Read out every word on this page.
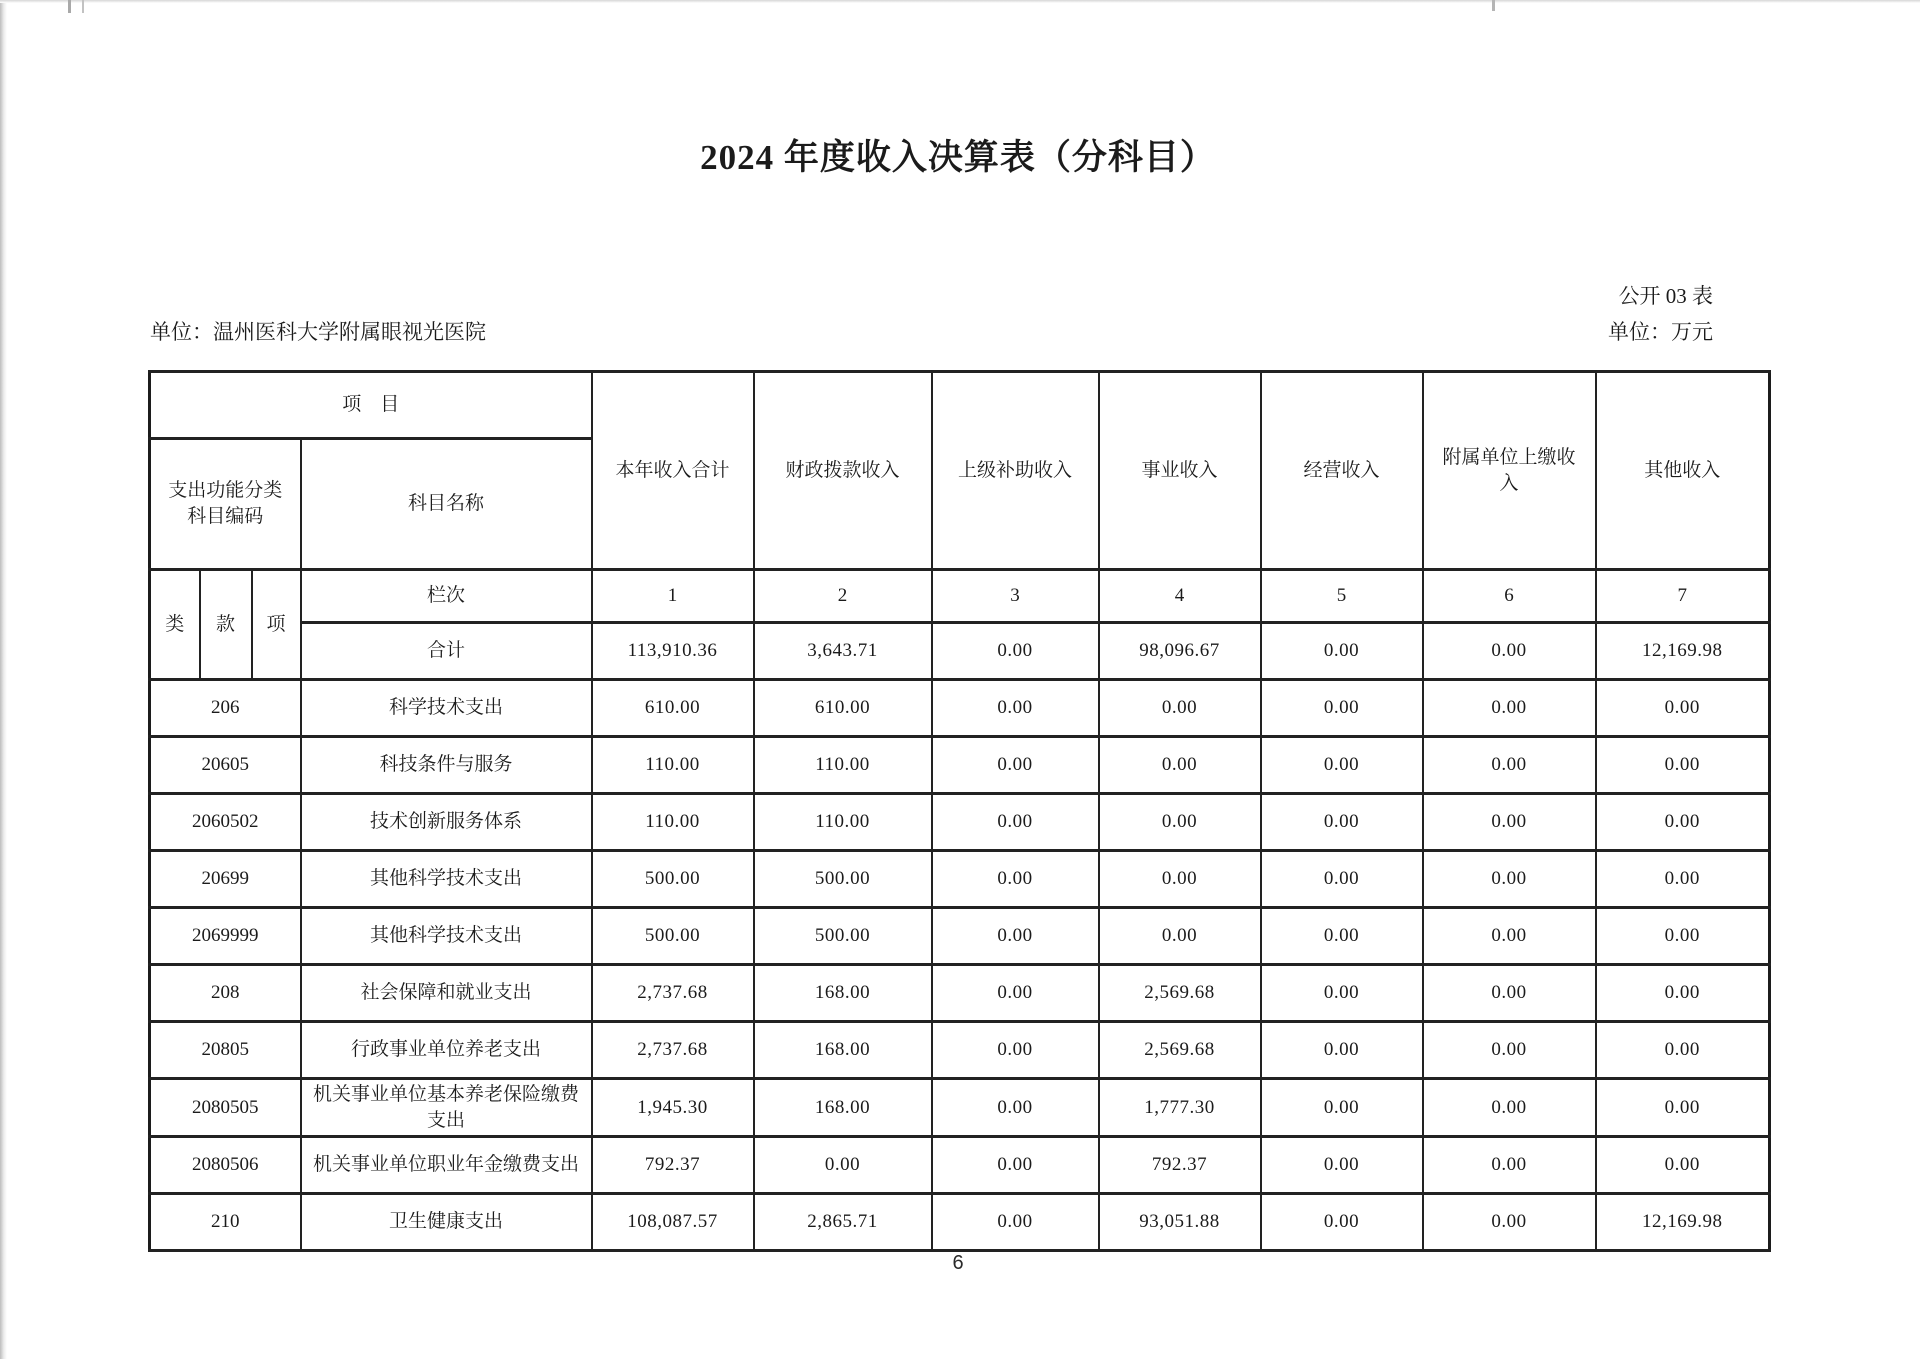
2024 年度收入决算表（分科目）
公开 03 表
单位：温州医科大学附属眼视光医院	单位：万元
项　目				本年收入合计	财政拨款收入	上级补助收入	事业收入	经营收入	附属单位上缴收入	其他收入
支出功能分类科目编码			科目名称							
类	款	项	栏次	1	2	3	4	5	6	7
			合计	113,910.36	3,643.71	0.00	98,096.67	0.00	0.00	12,169.98
206			科学技术支出	610.00	610.00	0.00	0.00	0.00	0.00	0.00
20605			科技条件与服务	110.00	110.00	0.00	0.00	0.00	0.00	0.00
2060502			技术创新服务体系	110.00	110.00	0.00	0.00	0.00	0.00	0.00
20699			其他科学技术支出	500.00	500.00	0.00	0.00	0.00	0.00	0.00
2069999			其他科学技术支出	500.00	500.00	0.00	0.00	0.00	0.00	0.00
208			社会保障和就业支出	2,737.68	168.00	0.00	2,569.68	0.00	0.00	0.00
20805			行政事业单位养老支出	2,737.68	168.00	0.00	2,569.68	0.00	0.00	0.00
2080505			机关事业单位基本养老保险缴费支出	1,945.30	168.00	0.00	1,777.30	0.00	0.00	0.00
2080506			机关事业单位职业年金缴费支出	792.37	0.00	0.00	792.37	0.00	0.00	0.00
210			卫生健康支出	108,087.57	2,865.71	0.00	93,051.88	0.00	0.00	12,169.98
6
